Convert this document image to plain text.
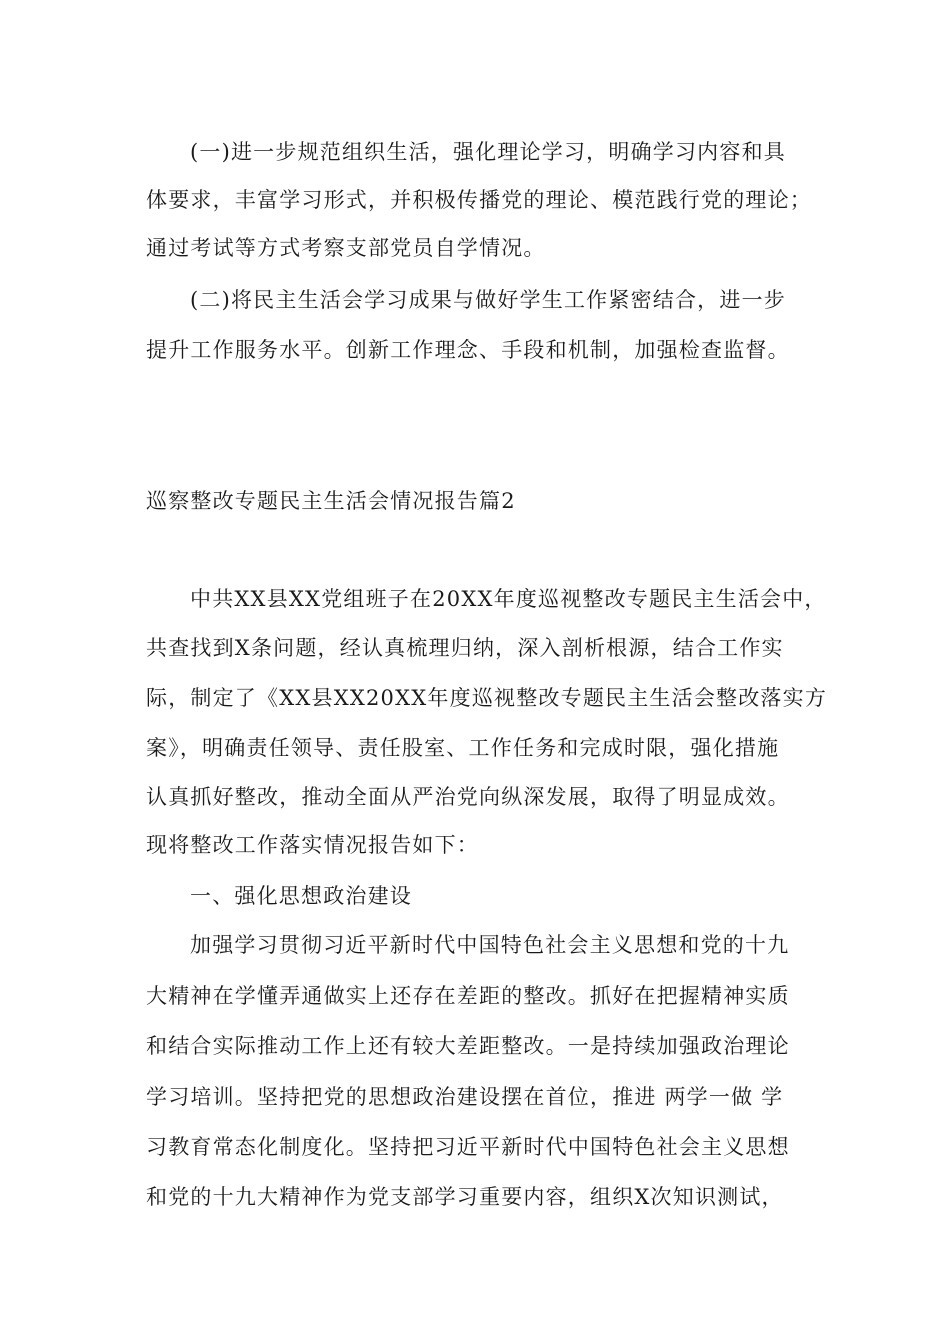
(一)进一步规范组织生活，强化理论学习，明确学习内容和具
体要求，丰富学习形式，并积极传播党的理论、模范践行党的理论；
通过考试等方式考察支部党员自学情况。
(二)将民主生活会学习成果与做好学生工作紧密结合，进一步
提升工作服务水平。创新工作理念、手段和机制，加强检查监督。
巡察整改专题民主生活会情况报告篇2
中共XX县XX党组班子在20XX年度巡视整改专题民主生活会中，
共查找到X条问题，经认真梳理归纳，深入剖析根源，结合工作实
际，制定了《XX县XX20XX年度巡视整改专题民主生活会整改落实方
案》，明确责任领导、责任股室、工作任务和完成时限，强化措施
认真抓好整改，推动全面从严治党向纵深发展，取得了明显成效。
现将整改工作落实情况报告如下：
一、强化思想政治建设
加强学习贯彻习近平新时代中国特色社会主义思想和党的十九
大精神在学懂弄通做实上还存在差距的整改。抓好在把握精神实质
和结合实际推动工作上还有较大差距整改。一是持续加强政治理论
学习培训。坚持把党的思想政治建设摆在首位，推进 两学一做 学
习教育常态化制度化。坚持把习近平新时代中国特色社会主义思想
和党的十九大精神作为党支部学习重要内容，组织X次知识测试，
